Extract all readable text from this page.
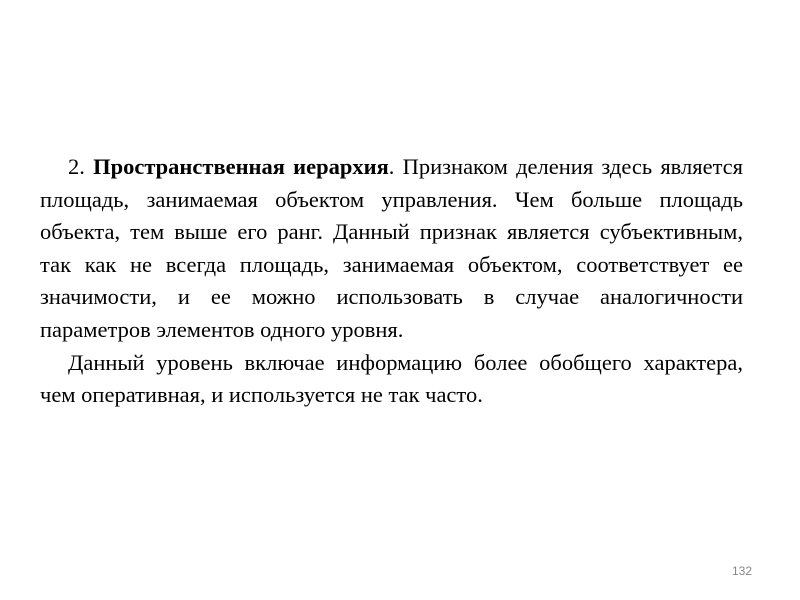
2. Пространственная иерархия. Признаком деления здесь является площадь, занимаемая объектом управления. Чем больше площадь объекта, тем выше его ранг. Данный признак является субъективным, так как не всегда площадь, занимаемая объектом, соответствует ее значимости, и ее можно использовать в случае аналогичности параметров элементов одного уровня.

Данный уровень включае информацию более обобщего характера, чем оперативная, и используется не так часто.

132
